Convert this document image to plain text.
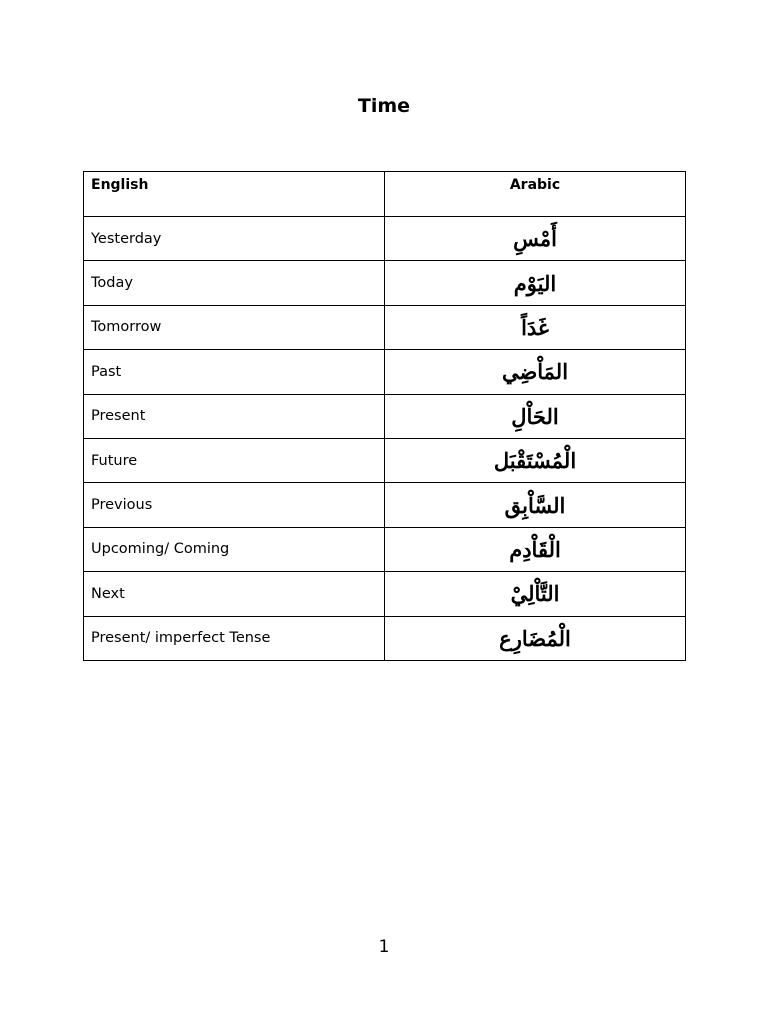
Time
English	Arabic
Yesterday	أَمْسِ
Today	اليَوْم
Tomorrow	غَدَاً
Past	المَاْضِي
Present	الحَاْلِ
Future	الْمُسْتَقْبَل
Previous	السَّاْبِق
Upcoming/ Coming	الْقَاْدِم
Next	التَّاْلِيْ
Present/ imperfect Tense	الْمُضَارِع
1
